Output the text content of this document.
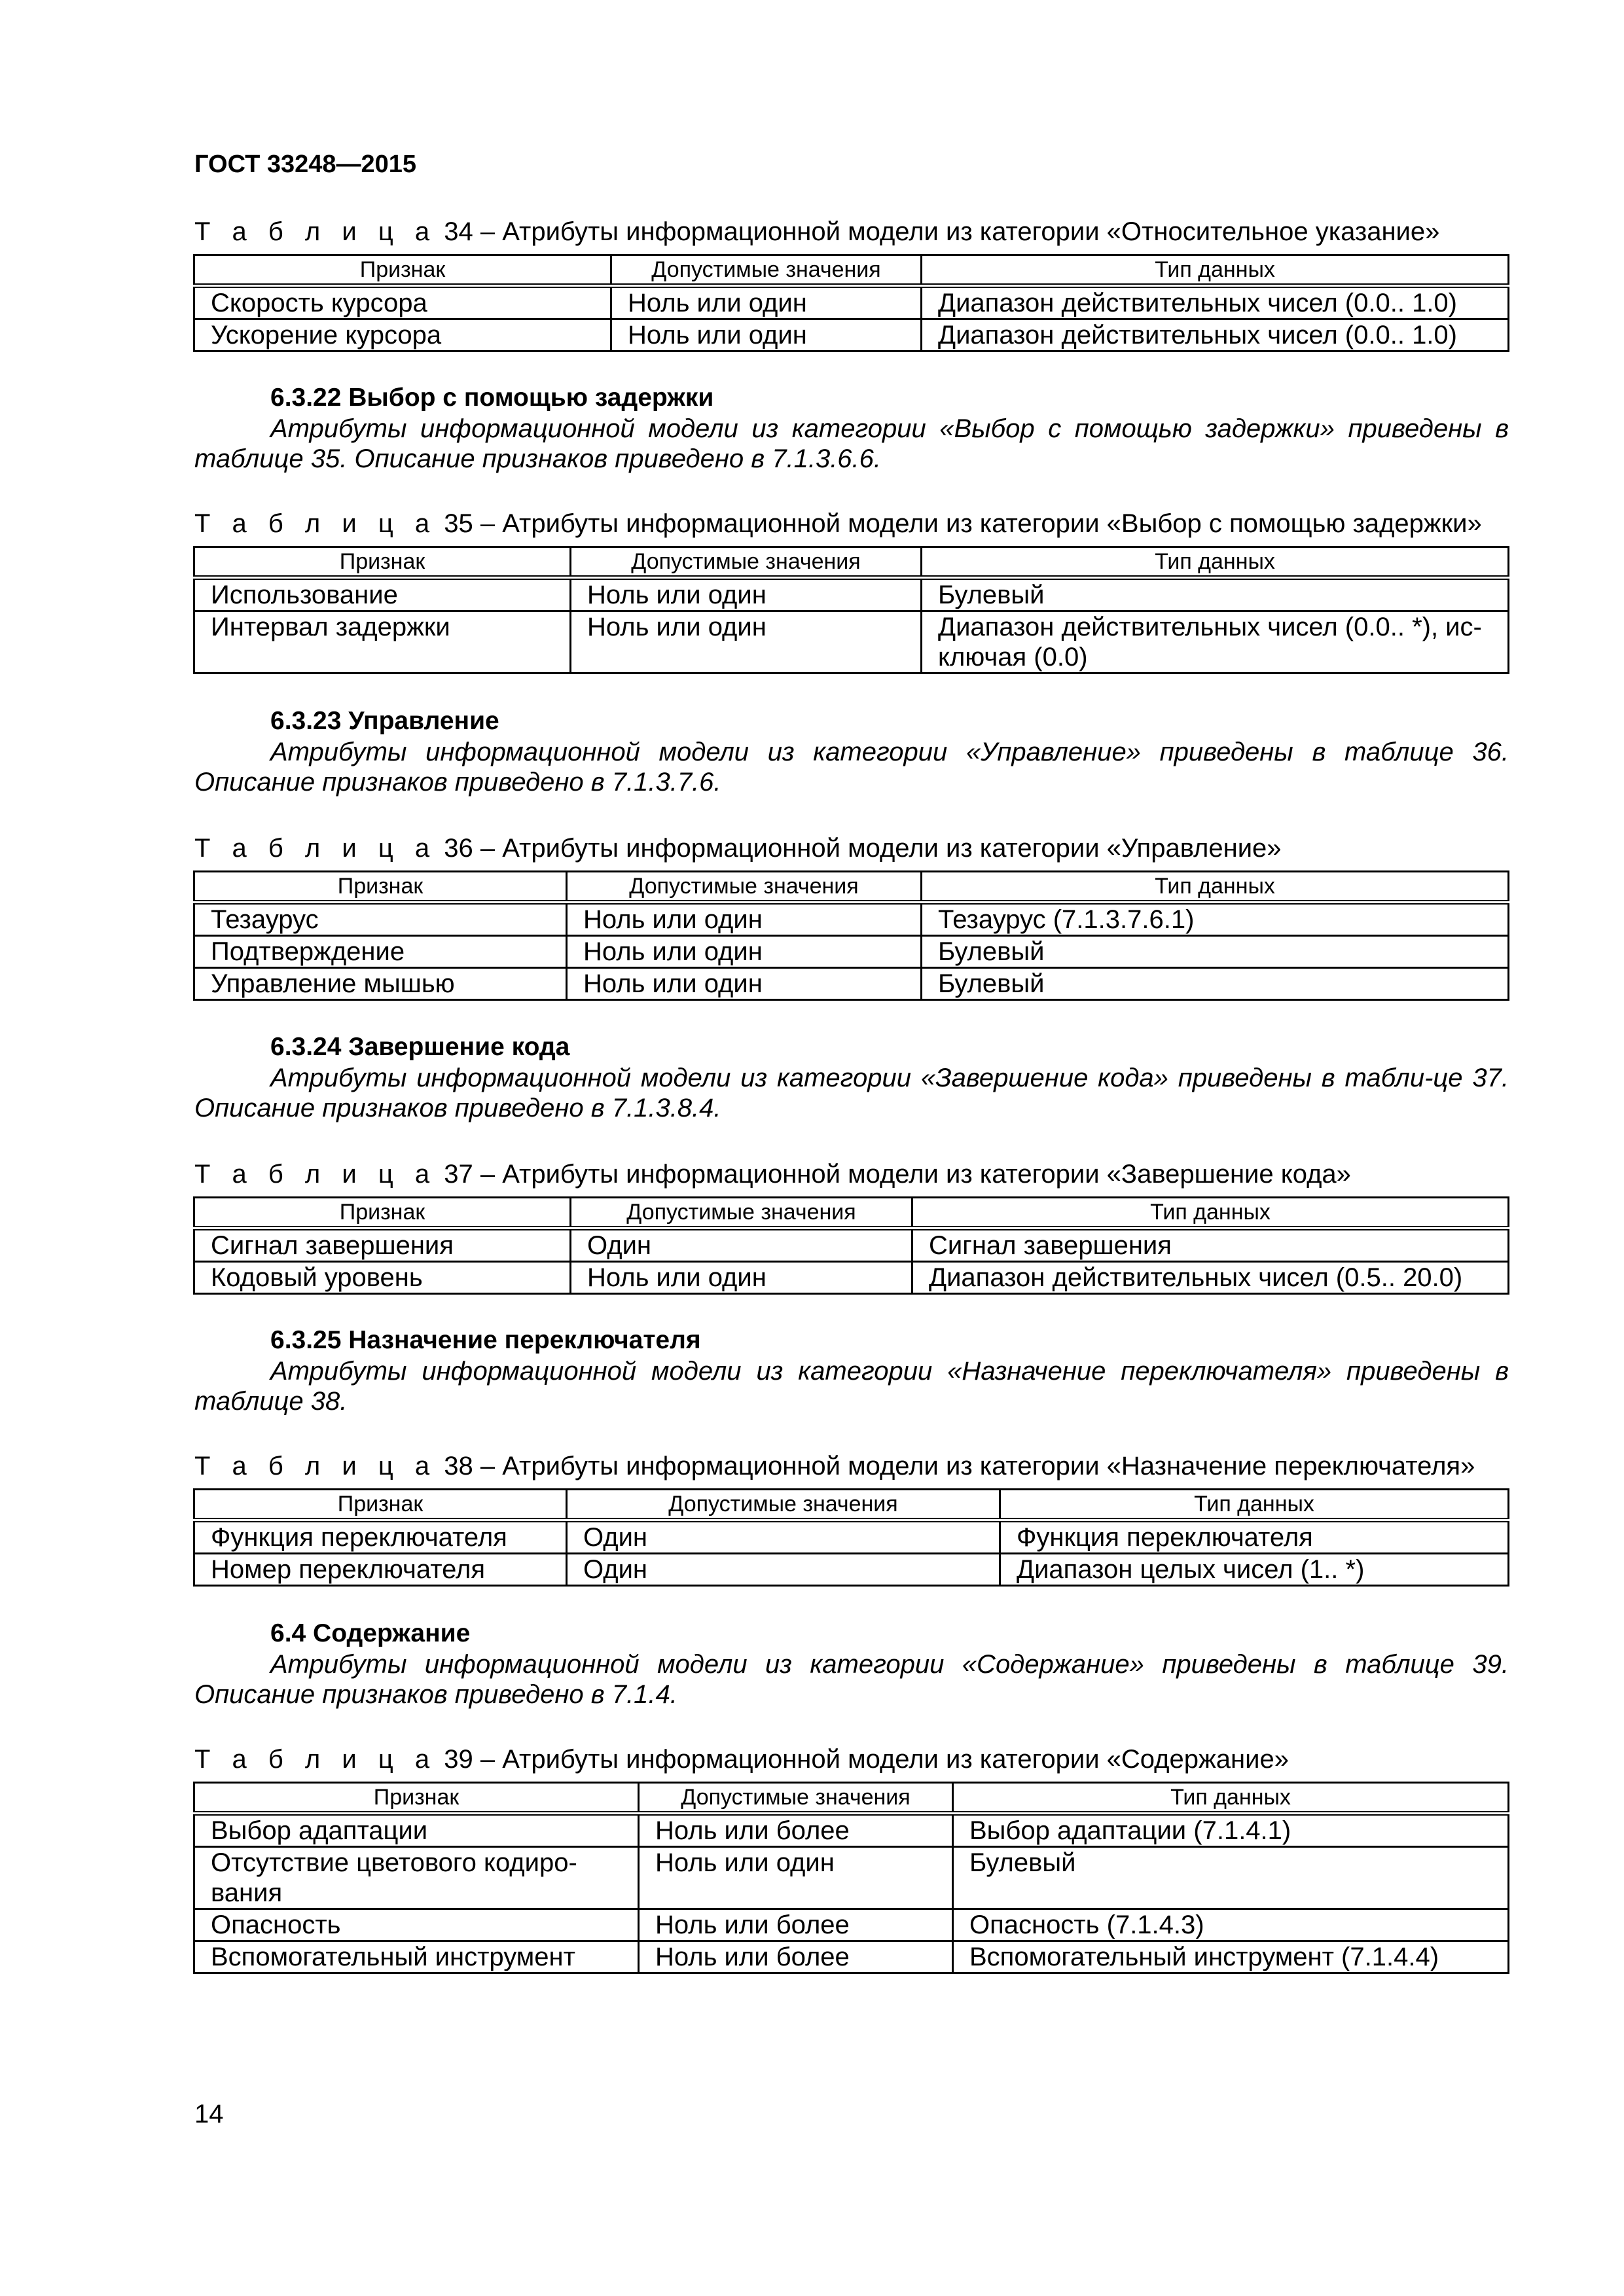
ГОСТ 33248—2015
Т а б л и ц а 34 – Атрибуты информационной модели из категории «Относительное указание»
Признак	Допустимые значения	Тип данных
Скорость курсора	Ноль или один	Диапазон действительных чисел (0.0.. 1.0)
Ускорение курсора	Ноль или один	Диапазон действительных чисел (0.0.. 1.0)
6.3.22 Выбор с помощью задержки
Атрибуты информационной модели из категории «Выбор с помощью задержки» приведены в таблице 35. Описание признаков приведено в 7.1.3.6.6.
Т а б л и ц а 35 – Атрибуты информационной модели из категории «Выбор с помощью задержки»
Признак	Допустимые значения	Тип данных
Использование	Ноль или один	Булевый
Интервал задержки	Ноль или один	Диапазон действительных чисел (0.0.. *), ис-ключая (0.0)
6.3.23 Управление
Атрибуты информационной модели из категории «Управление» приведены в таблице 36. Описание признаков приведено в 7.1.3.7.6.
Т а б л и ц а 36 – Атрибуты информационной модели из категории «Управление»
Признак	Допустимые значения	Тип данных
Тезаурус	Ноль или один	Тезаурус (7.1.3.7.6.1)
Подтверждение	Ноль или один	Булевый
Управление мышью	Ноль или один	Булевый
6.3.24 Завершение кода
Атрибуты информационной модели из категории «Завершение кода» приведены в табли-це 37. Описание признаков приведено в 7.1.3.8.4.
Т а б л и ц а 37 – Атрибуты информационной модели из категории «Завершение кода»
Признак	Допустимые значения	Тип данных
Сигнал завершения	Один	Сигнал завершения
Кодовый уровень	Ноль или один	Диапазон действительных чисел (0.5.. 20.0)
6.3.25 Назначение переключателя
Атрибуты информационной модели из категории «Назначение переключателя» приведены в таблице 38.
Т а б л и ц а 38 – Атрибуты информационной модели из категории «Назначение переключателя»
Признак	Допустимые значения	Тип данных
Функция переключателя	Один	Функция переключателя
Номер переключателя	Один	Диапазон целых чисел (1.. *)
6.4 Содержание
Атрибуты информационной модели из категории «Содержание» приведены в таблице 39. Описание признаков приведено в 7.1.4.
Т а б л и ц а 39 – Атрибуты информационной модели из категории «Содержание»
Признак	Допустимые значения	Тип данных
Выбор адаптации	Ноль или более	Выбор адаптации (7.1.4.1)
Отсутствие цветового кодиро-вания	Ноль или один	Булевый
Опасность	Ноль или более	Опасность (7.1.4.3)
Вспомогательный инструмент	Ноль или более	Вспомогательный инструмент (7.1.4.4)
14
